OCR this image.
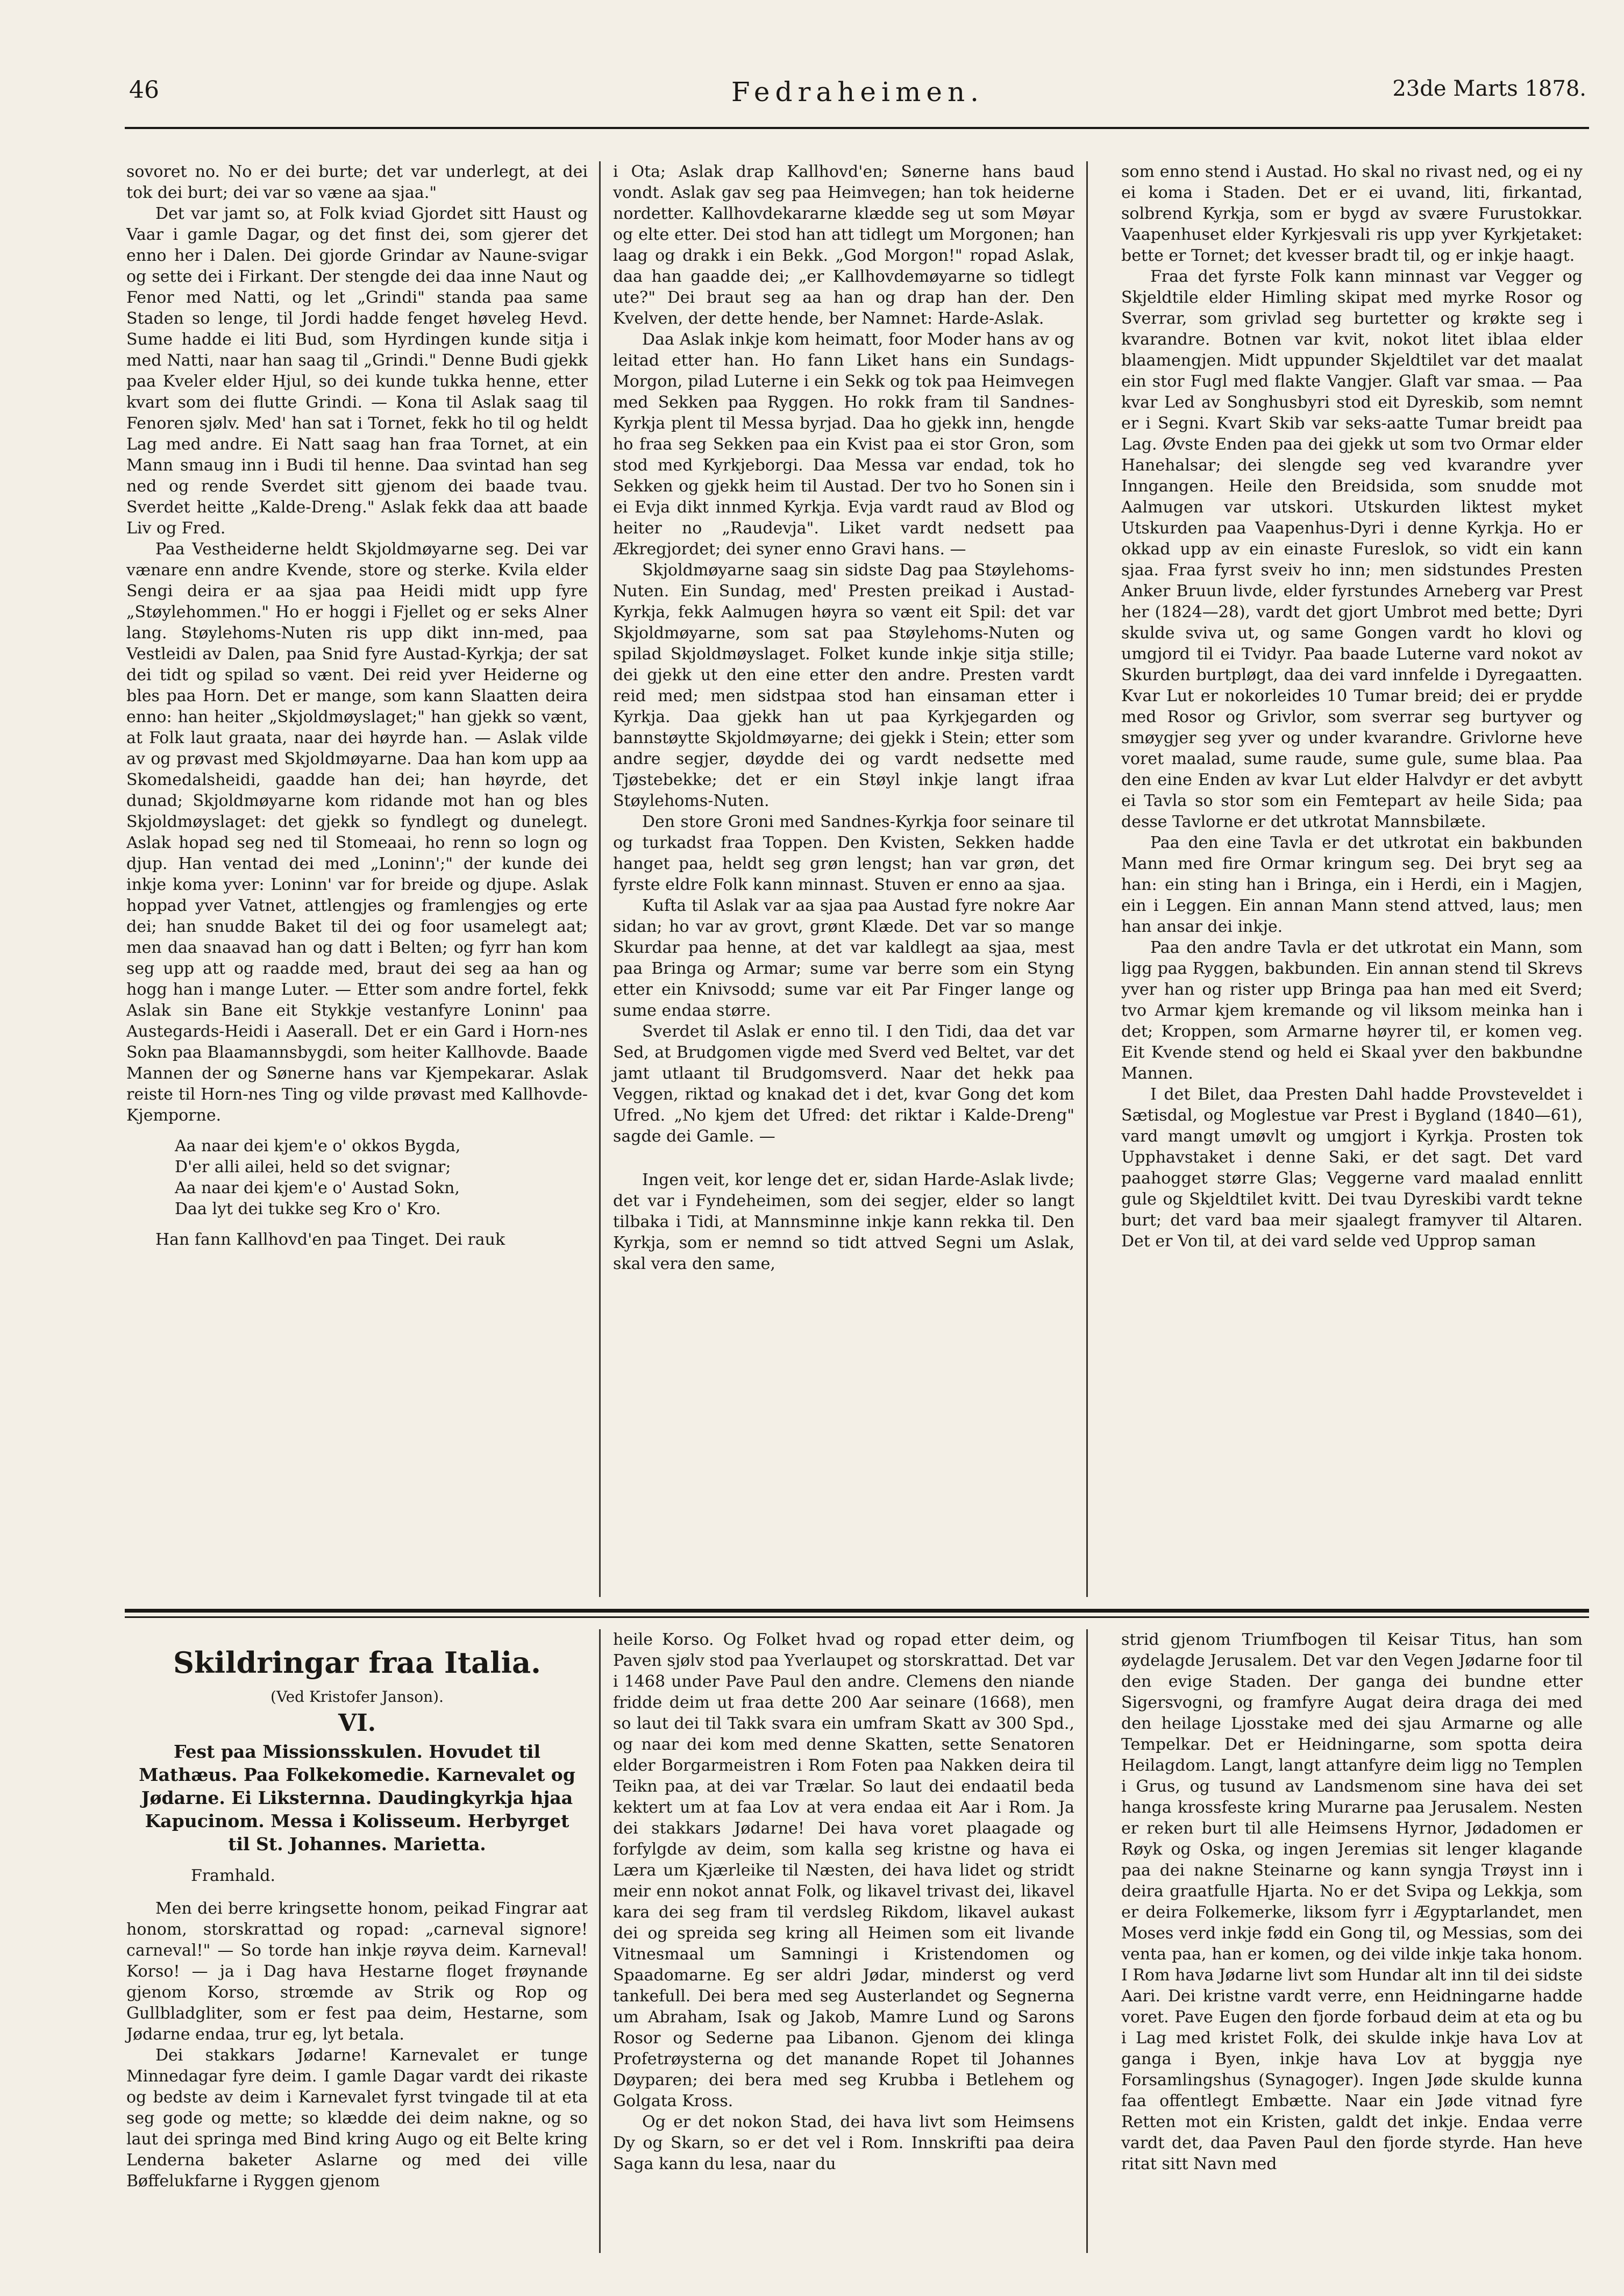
46	Fedraheimen.	23de Marts 1878.

sovoret no. No er dei burte; det var underlegt, at dei tok dei burt; dei var so væne aa sjaa."

Det var jamt so, at Folk kviad Gjordet sitt Haust og Vaar i gamle Dagar, og det finst dei, som gjerer det enno her i Dalen. Dei gjorde Grindar av Naune-svigar og sette dei i Firkant. Der stengde dei daa inne Naut og Fenor med Natti, og let „Grindi" standa paa same Staden so lenge, til Jordi hadde fenget høveleg Hevd. Sume hadde ei liti Bud, som Hyrdingen kunde sitja i med Natti, naar han saag til „Grindi." Denne Budi gjekk paa Kveler elder Hjul, so dei kunde tukka henne, etter kvart som dei flutte Grindi. — Kona til Aslak saag til Fenoren sjølv. Med' han sat i Tornet, fekk ho til og heldt Lag med andre. Ei Natt saag han fraa Tornet, at ein Mann smaug inn i Budi til henne. Daa svintad han seg ned og rende Sverdet sitt gjenom dei baade tvau. Sverdet heitte „Kalde-Dreng." Aslak fekk daa att baade Liv og Fred.

Paa Vestheiderne heldt Skjoldmøyarne seg. Dei var vænare enn andre Kvende, store og sterke. Kvila elder Sengi deira er aa sjaa paa Heidi midt upp fyre „Støylehommen." Ho er hoggi i Fjellet og er seks Alner lang. Støylehoms-Nuten ris upp dikt inn-med, paa Vestleidi av Dalen, paa Snid fyre Austad-Kyrkja; der sat dei tidt og spilad so vænt. Dei reid yver Heiderne og bles paa Horn. Det er mange, som kann Slaatten deira enno: han heiter „Skjoldmøyslaget;" han gjekk so vænt, at Folk laut graata, naar dei høyrde han. — Aslak vilde av og prøvast med Skjoldmøyarne. Daa han kom upp aa Skomedalsheidi, gaadde han dei; han høyrde, det dunad; Skjoldmøyarne kom ridande mot han og bles Skjoldmøyslaget: det gjekk so fyndlegt og dunelegt. Aslak hopad seg ned til Stomeaai, ho renn so logn og djup. Han ventad dei med „Loninn';" der kunde dei inkje koma yver: Loninn' var for breide og djupe. Aslak hoppad yver Vatnet, attlengjes og framlengjes og erte dei; han snudde Baket til dei og foor usamelegt aat; men daa snaavad han og datt i Belten; og fyrr han kom seg upp att og raadde med, braut dei seg aa han og hogg han i mange Luter. — Etter som andre fortel, fekk Aslak sin Bane eit Stykkje vestanfyre Loninn' paa Austegards-Heidi i Aaserall. Det er ein Gard i Horn-nes Sokn paa Blaamannsbygdi, som heiter Kallhovde. Baade Mannen der og Sønerne hans var Kjempekarar. Aslak reiste til Horn-nes Ting og vilde prøvast med Kallhovde-Kjemporne.

Aa naar dei kjem'e o' okkos Bygda,
D'er alli ailei, held so det svignar;
Aa naar dei kjem'e o' Austad Sokn,
Daa lyt dei tukke seg Kro o' Kro.

Han fann Kallhovd'en paa Tinget. Dei rauk

i Ota; Aslak drap Kallhovd'en; Sønerne hans baud vondt. Aslak gav seg paa Heimvegen; han tok heiderne nordetter. Kallhovdekararne klædde seg ut som Møyar og elte etter. Dei stod han att tidlegt um Morgonen; han laag og drakk i ein Bekk. „God Morgon!" ropad Aslak, daa han gaadde dei; „er Kallhovdemøyarne so tidlegt ute?" Dei braut seg aa han og drap han der. Den Kvelven, der dette hende, ber Namnet: Harde-Aslak.

Daa Aslak inkje kom heimatt, foor Moder hans av og leitad etter han. Ho fann Liket hans ein Sundags-Morgon, pilad Luterne i ein Sekk og tok paa Heimvegen med Sekken paa Ryggen. Ho rokk fram til Sandnes-Kyrkja plent til Messa byrjad. Daa ho gjekk inn, hengde ho fraa seg Sekken paa ein Kvist paa ei stor Gron, som stod med Kyrkjeborgi. Daa Messa var endad, tok ho Sekken og gjekk heim til Austad. Der tvo ho Sonen sin i ei Evja dikt innmed Kyrkja. Evja vardt raud av Blod og heiter no „Raudevja". Liket vardt nedsett paa Ækregjordet; dei syner enno Gravi hans. —

Skjoldmøyarne saag sin sidste Dag paa Støylehoms-Nuten. Ein Sundag, med' Presten preikad i Austad-Kyrkja, fekk Aalmugen høyra so vænt eit Spil: det var Skjoldmøyarne, som sat paa Støylehoms-Nuten og spilad Skjoldmøyslaget. Folket kunde inkje sitja stille; dei gjekk ut den eine etter den andre. Presten vardt reid med; men sidstpaa stod han einsaman etter i Kyrkja. Daa gjekk han ut paa Kyrkjegarden og bannstøytte Skjoldmøyarne; dei gjekk i Stein; etter som andre segjer, døydde dei og vardt nedsette med Tjøstebekke; det er ein Støyl inkje langt ifraa Støylehoms-Nuten.

Den store Groni med Sandnes-Kyrkja foor seinare til og turkadst fraa Toppen. Den Kvisten, Sekken hadde hanget paa, heldt seg grøn lengst; han var grøn, det fyrste eldre Folk kann minnast. Stuven er enno aa sjaa.

Kufta til Aslak var aa sjaa paa Austad fyre nokre Aar sidan; ho var av grovt, grønt Klæde. Det var so mange Skurdar paa henne, at det var kaldlegt aa sjaa, mest paa Bringa og Armar; sume var berre som ein Styng etter ein Knivsodd; sume var eit Par Finger lange og sume endaa større.

Sverdet til Aslak er enno til. I den Tidi, daa det var Sed, at Brudgomen vigde med Sverd ved Beltet, var det jamt utlaant til Brudgomsverd. Naar det hekk paa Veggen, riktad og knakad det i det, kvar Gong det kom Ufred. „No kjem det Ufred: det riktar i Kalde-Dreng" sagde dei Gamle. —

Ingen veit, kor lenge det er, sidan Harde-Aslak livde; det var i Fyndeheimen, som dei segjer, elder so langt tilbaka i Tidi, at Mannsminne inkje kann rekka til. Den Kyrkja, som er nemnd so tidt attved Segni um Aslak, skal vera den same,

som enno stend i Austad. Ho skal no rivast ned, og ei ny ei koma i Staden. Det er ei uvand, liti, firkantad, solbrend Kyrkja, som er bygd av svære Furustokkar. Vaapenhuset elder Kyrkjesvali ris upp yver Kyrkjetaket: bette er Tornet; det kvesser bradt til, og er inkje haagt.

Fraa det fyrste Folk kann minnast var Vegger og Skjeldtile elder Himling skipat med myrke Rosor og Sverrar, som grivlad seg burtetter og krøkte seg i kvarandre. Botnen var kvit, nokot litet iblaa elder blaamengjen. Midt uppunder Skjeldtilet var det maalat ein stor Fugl med flakte Vangjer. Glaft var smaa. — Paa kvar Led av Songhusbyri stod eit Dyreskib, som nemnt er i Segni. Kvart Skib var seks-aatte Tumar breidt paa Lag. Øvste Enden paa dei gjekk ut som tvo Ormar elder Hanehalsar; dei slengde seg ved kvarandre yver Inngangen. Heile den Breidsida, som snudde mot Aalmugen var utskori. Utskurden liktest myket Utskurden paa Vaapenhus-Dyri i denne Kyrkja. Ho er okkad upp av ein einaste Fureslok, so vidt ein kann sjaa. Fraa fyrst sveiv ho inn; men sidstundes Presten Anker Bruun livde, elder fyrstundes Arneberg var Prest her (1824—28), vardt det gjort Umbrot med bette; Dyri skulde sviva ut, og same Gongen vardt ho klovi og umgjord til ei Tvidyr. Paa baade Luterne vard nokot av Skurden burtpløgt, daa dei vard innfelde i Dyregaatten. Kvar Lut er nokorleides 10 Tumar breid; dei er prydde med Rosor og Grivlor, som sverrar seg burtyver og smøygjer seg yver og under kvarandre. Grivlorne heve voret maalad, sume raude, sume gule, sume blaa. Paa den eine Enden av kvar Lut elder Halvdyr er det avbytt ei Tavla so stor som ein Femtepart av heile Sida; paa desse Tavlorne er det utkrotat Mannsbilæte.

Paa den eine Tavla er det utkrotat ein bakbunden Mann med fire Ormar kringum seg. Dei bryt seg aa han: ein sting han i Bringa, ein i Herdi, ein i Magjen, ein i Leggen. Ein annan Mann stend attved, laus; men han ansar dei inkje.

Paa den andre Tavla er det utkrotat ein Mann, som ligg paa Ryggen, bakbunden. Ein annan stend til Skrevs yver han og rister upp Bringa paa han med eit Sverd; tvo Armar kjem kremande og vil liksom meinka han i det; Kroppen, som Armarne høyrer til, er komen veg. Eit Kvende stend og held ei Skaal yver den bakbundne Mannen.

I det Bilet, daa Presten Dahl hadde Provsteveldet i Sætisdal, og Moglestue var Prest i Bygland (1840—61), vard mangt umøvlt og umgjort i Kyrkja. Prosten tok Upphavstaket i denne Saki, er det sagt. Det vard paahogget større Glas; Veggerne vard maalad ennlitt gule og Skjeldtilet kvitt. Dei tvau Dyreskibi vardt tekne burt; det vard baa meir sjaalegt framyver til Altaren. Det er Von til, at dei vard selde ved Upprop saman

Skildringar fraa Italia.
(Ved Kristofer Janson).
VI.
Fest paa Missionsskulen. Hovudet til Mathæus. Paa Folkekomedie. Karnevalet og Jødarne. Ei Liksternna. Daudingkyrkja hjaa Kapucinom. Messa i Kolisseum. Herbyrget til St. Johannes. Marietta.
Framhald.

Men dei berre kringsette honom, peikad Fingrar aat honom, storskrattad og ropad: „carneval signore! carneval!" — So torde han inkje røyva deim. Karneval! Korso! — ja i Dag hava Hestarne floget frøynande gjenom Korso, strœmde av Strik og Rop og Gullbladgliter, som er fest paa deim, Hestarne, som Jødarne endaa, trur eg, lyt betala.

Dei stakkars Jødarne! Karnevalet er tunge Minnedagar fyre deim. I gamle Dagar vardt dei rikaste og bedste av deim i Karnevalet fyrst tvingade til at eta seg gode og mette; so klædde dei deim nakne, og so laut dei springa med Bind kring Augo og eit Belte kring Lenderna baketer Aslarne og med dei ville Bøffelukfarne i Ryggen gjenom

heile Korso. Og Folket hvad og ropad etter deim, og Paven sjølv stod paa Yverlaupet og storskrattad. Det var i 1468 under Pave Paul den andre. Clemens den niande fridde deim ut fraa dette 200 Aar seinare (1668), men so laut dei til Takk svara ein umfram Skatt av 300 Spd., og naar dei kom med denne Skatten, sette Senatoren elder Borgarmeistren i Rom Foten paa Nakken deira til Teikn paa, at dei var Trælar. So laut dei endaatil beda kektert um at faa Lov at vera endaa eit Aar i Rom. Ja dei stakkars Jødarne! Dei hava voret plaagade og forfylgde av deim, som kalla seg kristne og hava ei Læra um Kjærleike til Næsten, dei hava lidet og stridt meir enn nokot annat Folk, og likavel trivast dei, likavel kara dei seg fram til verdsleg Rikdom, likavel aukast dei og spreida seg kring all Heimen som eit livande Vitnesmaal um Samningi i Kristendomen og Spaadomarne. Eg ser aldri Jødar, minderst og verd tankefull. Dei bera med seg Austerlandet og Segnerna um Abraham, Isak og Jakob, Mamre Lund og Sarons Rosor og Sederne paa Libanon. Gjenom dei klinga Profetrøysterna og det manande Ropet til Johannes Døyparen; dei bera med seg Krubba i Betlehem og Golgata Kross.

Og er det nokon Stad, dei hava livt som Heimsens Dy og Skarn, so er det vel i Rom. Innskrifti paa deira Saga kann du lesa, naar du

strid gjenom Triumfbogen til Keisar Titus, han som øydelagde Jerusalem. Det var den Vegen Jødarne foor til den evige Staden. Der ganga dei bundne etter Sigersvogni, og framfyre Augat deira draga dei med den heilage Ljosstake med dei sjau Armarne og alle Tempelkar. Det er Heidningarne, som spotta deira Heilagdom. Langt, langt attanfyre deim ligg no Templen i Grus, og tusund av Landsmenom sine hava dei set hanga krossfeste kring Murarne paa Jerusalem. Nesten er reken burt til alle Heimsens Hyrnor, Jødadomen er Røyk og Oska, og ingen Jeremias sit lenger klagande paa dei nakne Steinarne og kann syngja Trøyst inn i deira graatfulle Hjarta. No er det Svipa og Lekkja, som er deira Folkemerke, liksom fyrr i Ægyptarlandet, men Moses verd inkje fødd ein Gong til, og Messias, som dei venta paa, han er komen, og dei vilde inkje taka honom. I Rom hava Jødarne livt som Hundar alt inn til dei sidste Aari. Dei kristne vardt verre, enn Heidningarne hadde voret. Pave Eugen den fjorde forbaud deim at eta og bu i Lag med kristet Folk, dei skulde inkje hava Lov at ganga i Byen, inkje hava Lov at byggja nye Forsamlingshus (Synagoger). Ingen Jøde skulde kunna faa offentlegt Embætte. Naar ein Jøde vitnad fyre Retten mot ein Kristen, galdt det inkje. Endaa verre vardt det, daa Paven Paul den fjorde styrde. Han heve ritat sitt Navn med
